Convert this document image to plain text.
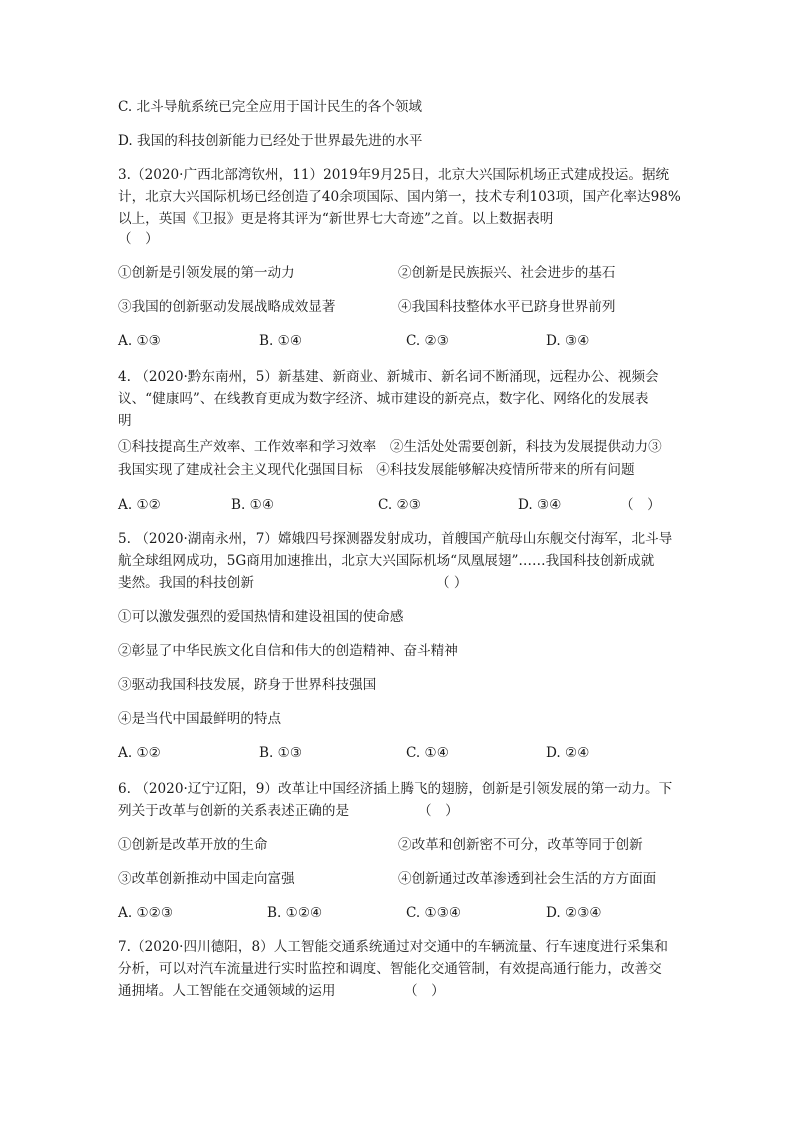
C. 北斗导航系统已完全应用于国计民生的各个领域
D. 我国的科技创新能力已经处于世界最先进的水平
3.（2020·广西北部湾钦州，11）2019年9月25日，北京大兴国际机场正式建成投运。据统
计，北京大兴国际机场已经创造了40余项国际、国内第一，技术专利103项，国产化率达98%
以上，英国《卫报》更是将其评为“新世界七大奇迹”之首。以上数据表明
（　）
①创新是引领发展的第一动力	②创新是民族振兴、社会进步的基石
③我国的创新驱动发展战略成效显著	④我国科技整体水平已跻身世界前列
A. ①③	B. ①④	C. ②③	D. ③④
4. （2020·黔东南州，5）新基建、新商业、新城市、新名词不断涌现，远程办公、视频会
议、“健康吗”、在线教育更成为数字经济、城市建设的新亮点，数字化、网络化的发展表
明
①科技提高生产效率、工作效率和学习效率　②生活处处需要创新，科技为发展提供动力③
我国实现了建成社会主义现代化强国目标　④科技发展能够解决疫情所带来的所有问题
A. ①②	B. ①④	C. ②③	D. ③④	（　）
5. （2020·湖南永州，7）嫦娥四号探测器发射成功，首艘国产航母山东舰交付海军，北斗导
航全球组网成功，5G商用加速推出，北京大兴国际机场“凤凰展翅”……我国科技创新成就
斐然。我国的科技创新	（ ）
①可以激发强烈的爱国热情和建设祖国的使命感
②彰显了中华民族文化自信和伟大的创造精神、奋斗精神
③驱动我国科技发展，跻身于世界科技强国
④是当代中国最鲜明的特点
A. ①②	B. ①③	C. ①④	D. ②④
6. （2020·辽宁辽阳，9）改革让中国经济插上腾飞的翅膀，创新是引领发展的第一动力。下
列关于改革与创新的关系表述正确的是	（　）
①创新是改革开放的生命	②改革和创新密不可分，改革等同于创新
③改革创新推动中国走向富强	④创新通过改革渗透到社会生活的方方面面
A. ①②③	B. ①②④	C. ①③④	D. ②③④
7.（2020·四川德阳，8）人工智能交通系统通过对交通中的车辆流量、行车速度进行采集和
分析，可以对汽车流量进行实时监控和调度、智能化交通管制，有效提高通行能力，改善交
通拥堵。人工智能在交通领域的运用	（　）
